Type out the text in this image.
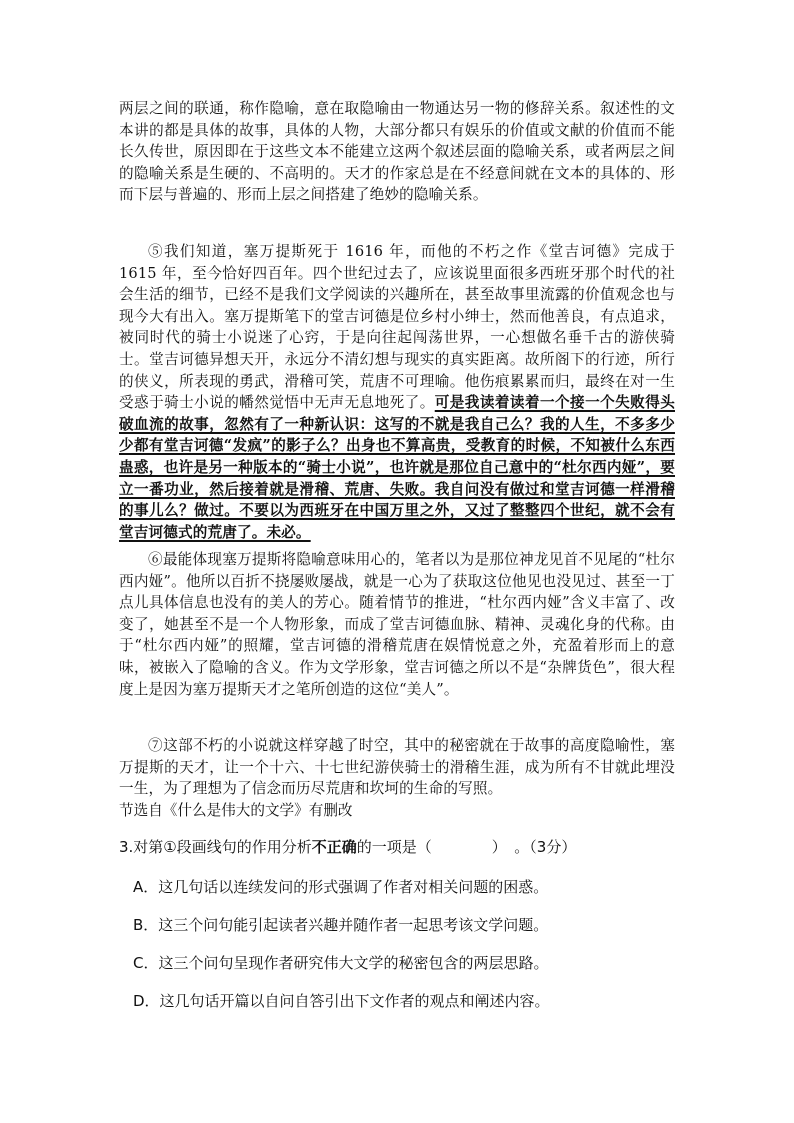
两层之间的联通，称作隐喻，意在取隐喻由一物通达另一物的修辞关系。叙述性的文本讲的都是具体的故事，具体的人物，大部分都只有娱乐的价值或文献的价值而不能长久传世，原因即在于这些文本不能建立这两个叙述层面的隐喻关系，或者两层之间的隐喻关系是生硬的、不高明的。天才的作家总是在不经意间就在文本的具体的、形而下层与普遍的、形而上层之间搭建了绝妙的隐喻关系。

⑤我们知道，塞万提斯死于 1616 年，而他的不朽之作《堂吉诃德》完成于 1615 年，至今恰好四百年。四个世纪过去了，应该说里面很多西班牙那个时代的社会生活的细节，已经不是我们文学阅读的兴趣所在，甚至故事里流露的价值观念也与现今大有出入。塞万提斯笔下的堂吉诃德是位乡村小绅士，然而他善良，有点追求，被同时代的骑士小说迷了心窍，于是向往起闯荡世界，一心想做名垂千古的游侠骑士。堂吉诃德异想天开，永远分不清幻想与现实的真实距离。故所阁下的行迹，所行的侠义，所表现的勇武，滑稽可笑，荒唐不可理喻。他伤痕累累而归，最终在对一生受惑于骑士小说的幡然觉悟中无声无息地死了。可是我读着读着一个接一个失败得头破血流的故事，忽然有了一种新认识：这写的不就是我自己么？我的人生，不多多少少都有堂吉诃德“发疯”的影子么？出身也不算高贵，受教育的时候，不知被什么东西蛊惑，也许是另一种版本的“骑士小说”，也许就是那位自己意中的“杜尔西内娅”，要立一番功业，然后接着就是滑稽、荒唐、失败。我自问没有做过和堂吉诃德一样滑稽的事儿么？做过。不要以为西班牙在中国万里之外，又过了整整四个世纪，就不会有堂吉诃德式的荒唐了。未必。

⑥最能体现塞万提斯将隐喻意味用心的，笔者以为是那位神龙见首不见尾的“杜尔西内娅”。他所以百折不挠屡败屡战，就是一心为了获取这位他见也没见过、甚至一丁点儿具体信息也没有的美人的芳心。随着情节的推进，“杜尔西内娅”含义丰富了、改变了，她甚至不是一个人物形象，而成了堂吉诃德血脉、精神、灵魂化身的代称。由于“杜尔西内娅”的照耀，堂吉诃德的滑稽荒唐在娱情悦意之外，充盈着形而上的意味，被嵌入了隐喻的含义。作为文学形象，堂吉诃德之所以不是“杂牌货色”，很大程度上是因为塞万提斯天才之笔所创造的这位“美人”。

⑦这部不朽的小说就这样穿越了时空，其中的秘密就在于故事的高度隐喻性，塞万提斯的天才，让一个十六、十七世纪游侠骑士的滑稽生涯，成为所有不甘就此埋没一生，为了理想为了信念而历尽荒唐和坎坷的生命的写照。

节选自《什么是伟大的文学》有删改

3.对第①段画线句的作用分析不正确的一项是（　　　　）　。（3分）

A．这几句话以连续发问的形式强调了作者对相关问题的困惑。

B．这三个问句能引起读者兴趣并随作者一起思考该文学问题。

C．这三个问句呈现作者研究伟大文学的秘密包含的两层思路。

D．这几句话开篇以自问自答引出下文作者的观点和阐述内容。
